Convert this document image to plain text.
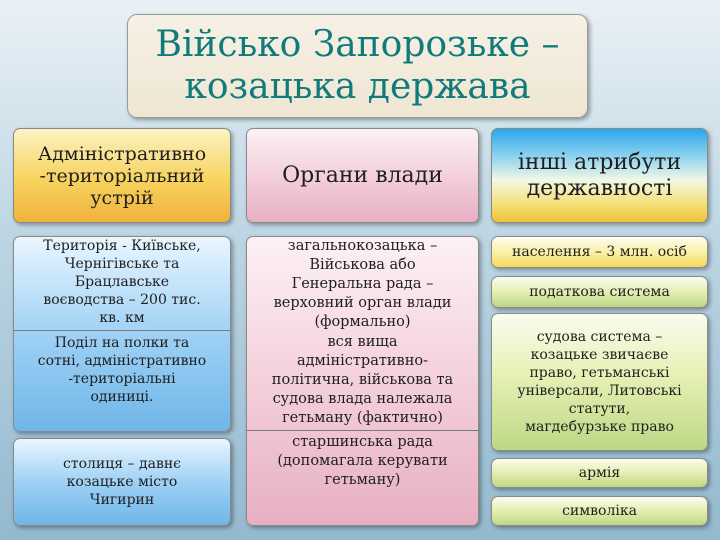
Військо Запорозьке –
козацька держава
Адміністративно
-територіальний
устрій
Органи влади
інші атрибути
державності
Територія - Київське,
Чернігівське та
Брацлавське
воєводства – 200 тис.
кв. км
Поділ на полки та
сотні, адміністративно
-територіальні
одиниці.
столиця – давнє
козацьке місто
Чигирин
загальнокозацька –
Військова або
Генеральна рада –
верховний орган влади
(формально)
вся вища
адміністративно-
політична, військова та
судова влада належала
гетьману (фактично)
старшинська рада
(допомагала керувати
гетьману)
населення – 3 млн. осіб
податкова система
судова система –
козацьке звичаєве
право, гетьманські
універсали, Литовські
статути,
магдебурзьке право
армія
символіка
